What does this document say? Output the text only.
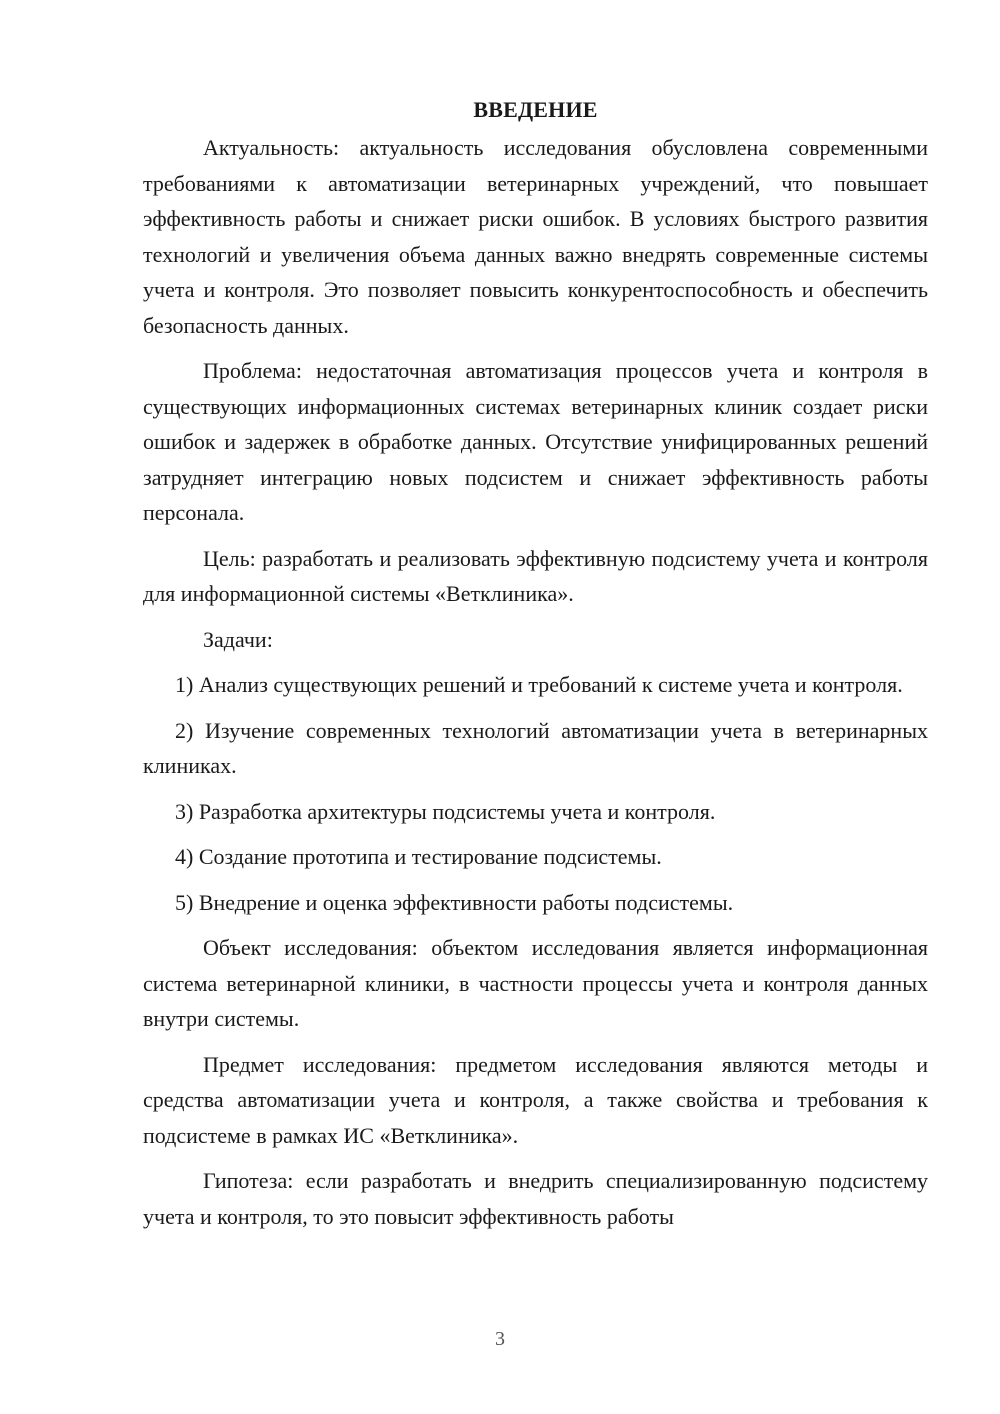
ВВЕДЕНИЕ

Актуальность: актуальность исследования обусловлена современными требованиями к автоматизации ветеринарных учреждений, что повышает эффективность работы и снижает риски ошибок. В условиях быстрого развития технологий и увеличения объема данных важно внедрять современные системы учета и контроля. Это позволяет повысить конкурентоспособность и обеспечить безопасность данных.

Проблема: недостаточная автоматизация процессов учета и контроля в существующих информационных системах ветеринарных клиник создает риски ошибок и задержек в обработке данных. Отсутствие унифицированных решений затрудняет интеграцию новых подсистем и снижает эффективность работы персонала.

Цель: разработать и реализовать эффективную подсистему учета и контроля для информационной системы «Ветклиника».

Задачи:

1) Анализ существующих решений и требований к системе учета и контроля.

2) Изучение современных технологий автоматизации учета в ветеринарных клиниках.

3) Разработка архитектуры подсистемы учета и контроля.

4) Создание прототипа и тестирование подсистемы.

5) Внедрение и оценка эффективности работы подсистемы.

Объект исследования: объектом исследования является информационная система ветеринарной клиники, в частности процессы учета и контроля данных внутри системы.

Предмет исследования: предметом исследования являются методы и средства автоматизации учета и контроля, а также свойства и требования к подсистеме в рамках ИС «Ветклиника».

Гипотеза: если разработать и внедрить специализированную подсистему учета и контроля, то это повысит эффективность работы

3
